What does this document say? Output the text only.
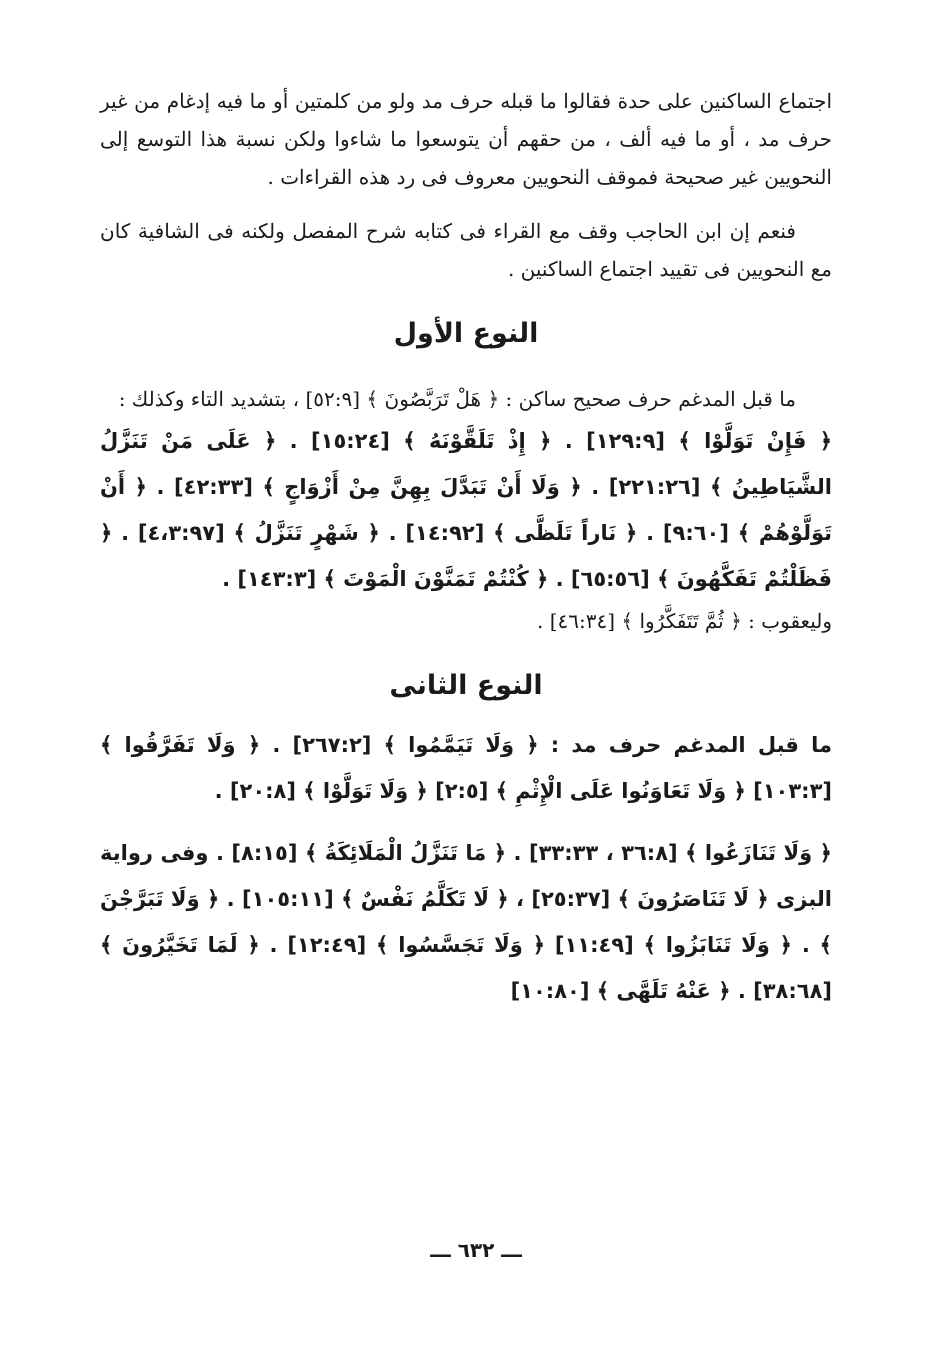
اجتماع الساكنين على حدة فقالوا ما قبله حرف مد ولو من كلمتين أو ما فيه إدغام من غير حرف مد ، أو ما فيه ألف ، من حقهم أن يتوسعوا ما شاءوا ولكن نسبة هذا التوسع إلى النحويين غير صحيحة فموقف النحويين معروف فى رد هذه القراءات .

فنعم إن ابن الحاجب وقف مع القراء فى كتابه شرح المفصل ولكنه فى الشافية كان مع النحويين فى تقييد اجتماع الساكنين .

النوع الأول

ما قبل المدغم حرف صحيح ساكن : ﴿ هَلْ تَرَبَّصُونَ ﴾ [٥٢:٩] ، بتشديد التاء وكذلك :

﴿ فَإِنْ تَوَلَّوْا ﴾ [١٢٩:٩] . ﴿ إِذْ تَلَقَّوْنَهُ ﴾ [١٥:٢٤] . ﴿ عَلَى مَنْ تَنَزَّلُ الشَّيَاطِينُ ﴾ [٢٢١:٢٦] . ﴿ وَلَا أَنْ تَبَدَّلَ بِهِنَّ مِنْ أَزْوَاجٍ ﴾ [٤٢:٣٣] . ﴿ أَنْ تَوَلَّوْهُمْ ﴾ [٩:٦٠] . ﴿ نَاراً تَلَظَّى ﴾ [١٤:٩٢] . ﴿ شَهْرٍ تَنَزَّلُ ﴾ [٤،٣:٩٧] . ﴿ فَظَلْتُمْ تَفَكَّهُونَ ﴾ [٦٥:٥٦] . ﴿ كُنْتُمْ تَمَنَّوْنَ الْمَوْتَ ﴾ [١٤٣:٣] .

وليعقوب : ﴿ ثُمَّ تَتَفَكَّرُوا ﴾ [٤٦:٣٤] .

النوع الثانى

ما قبل المدغم حرف مد : ﴿ وَلَا تَيَمَّمُوا ﴾ [٢٦٧:٢] . ﴿ وَلَا تَفَرَّقُوا ﴾ [١٠٣:٣] ﴿ وَلَا تَعَاوَنُوا عَلَى الْإِثْمِ ﴾ [٢:٥] ﴿ وَلَا تَوَلَّوْا ﴾ [٢٠:٨] .

﴿ وَلَا تَنَازَعُوا ﴾ [٣٦:٨ ، ٣٣:٣٣] . ﴿ مَا تَنَزَّلُ الْمَلَائِكَةُ ﴾ [٨:١٥] . وفى رواية البزى ﴿ لَا تَنَاصَرُونَ ﴾ [٢٥:٣٧] ، ﴿ لَا تَكَلَّمُ نَفْسٌ ﴾ [١٠٥:١١] . ﴿ وَلَا تَبَرَّجْنَ ﴾ . ﴿ وَلَا تَنَابَزُوا ﴾ [١١:٤٩] ﴿ وَلَا تَجَسَّسُوا ﴾ [١٢:٤٩] . ﴿ لَمَا تَخَيَّرُونَ ﴾ [٣٨:٦٨] . ﴿ عَنْهُ تَلَهَّى ﴾ [١٠:٨٠]

ـــ ٦٣٢ ـــ
